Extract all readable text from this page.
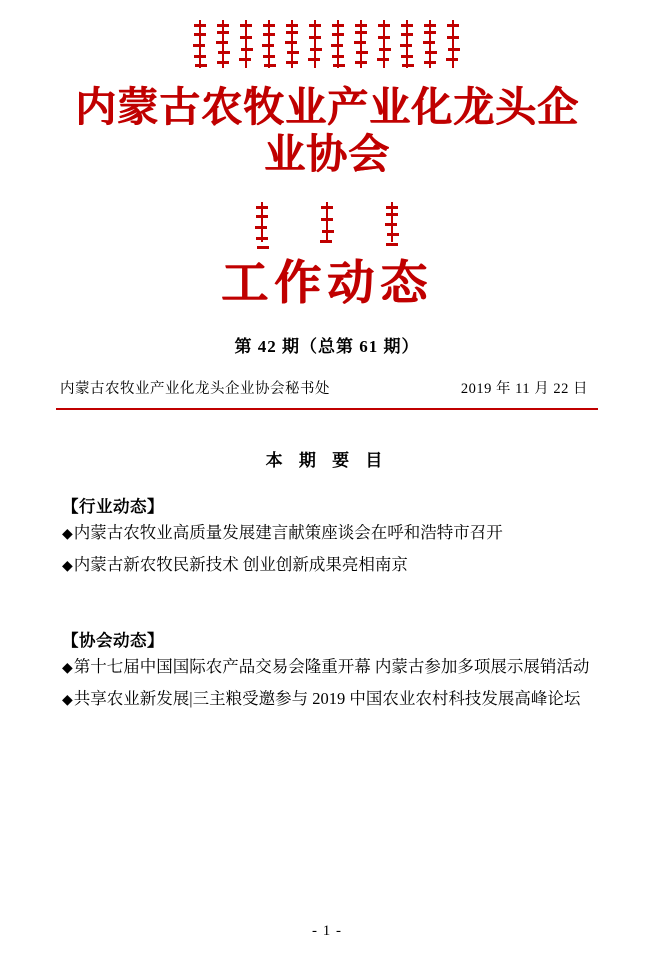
内蒙古农牧业产业化龙头企业协会
工作动态
第 42 期（总第 61 期）
内蒙古农牧业产业化龙头企业协会秘书处	2019 年 11 月 22 日
本 期 要 目
【行业动态】
◆内蒙古农牧业高质量发展建言献策座谈会在呼和浩特市召开
◆内蒙古新农牧民新技术 创业创新成果亮相南京
【协会动态】
◆第十七届中国国际农产品交易会隆重开幕 内蒙古参加多项展示展销活动
◆共享农业新发展|三主粮受邀参与 2019 中国农业农村科技发展高峰论坛
- 1 -
